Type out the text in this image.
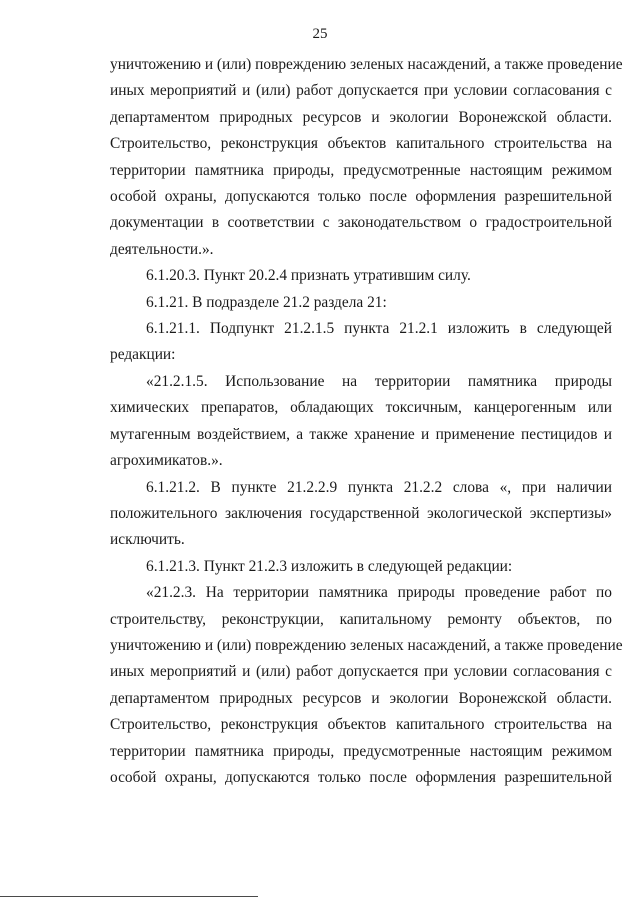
25
уничтожению и (или) повреждению зеленых насаждений, а также проведение
иных мероприятий и (или) работ допускается при условии согласования с
департаментом природных ресурсов и экологии Воронежской области.
Строительство, реконструкция объектов капитального строительства на
территории памятника природы, предусмотренные настоящим режимом
особой охраны, допускаются только после оформления разрешительной
документации в соответствии с законодательством о градостроительной
деятельности.».
6.1.20.3. Пункт 20.2.4 признать утратившим силу.
6.1.21. В подразделе 21.2 раздела 21:
6.1.21.1. Подпункт 21.2.1.5 пункта 21.2.1 изложить в следующей
редакции:
«21.2.1.5. Использование на территории памятника природы
химических препаратов, обладающих токсичным, канцерогенным или
мутагенным воздействием, а также хранение и применение пестицидов и
агрохимикатов.».
6.1.21.2. В пункте 21.2.2.9 пункта 21.2.2 слова «, при наличии
положительного заключения государственной экологической экспертизы»
исключить.
6.1.21.3. Пункт 21.2.3 изложить в следующей редакции:
«21.2.3. На территории памятника природы проведение работ по
строительству, реконструкции, капитальному ремонту объектов, по
уничтожению и (или) повреждению зеленых насаждений, а также проведение
иных мероприятий и (или) работ допускается при условии согласования с
департаментом природных ресурсов и экологии Воронежской области.
Строительство, реконструкция объектов капитального строительства на
территории памятника природы, предусмотренные настоящим режимом
особой охраны, допускаются только после оформления разрешительной
